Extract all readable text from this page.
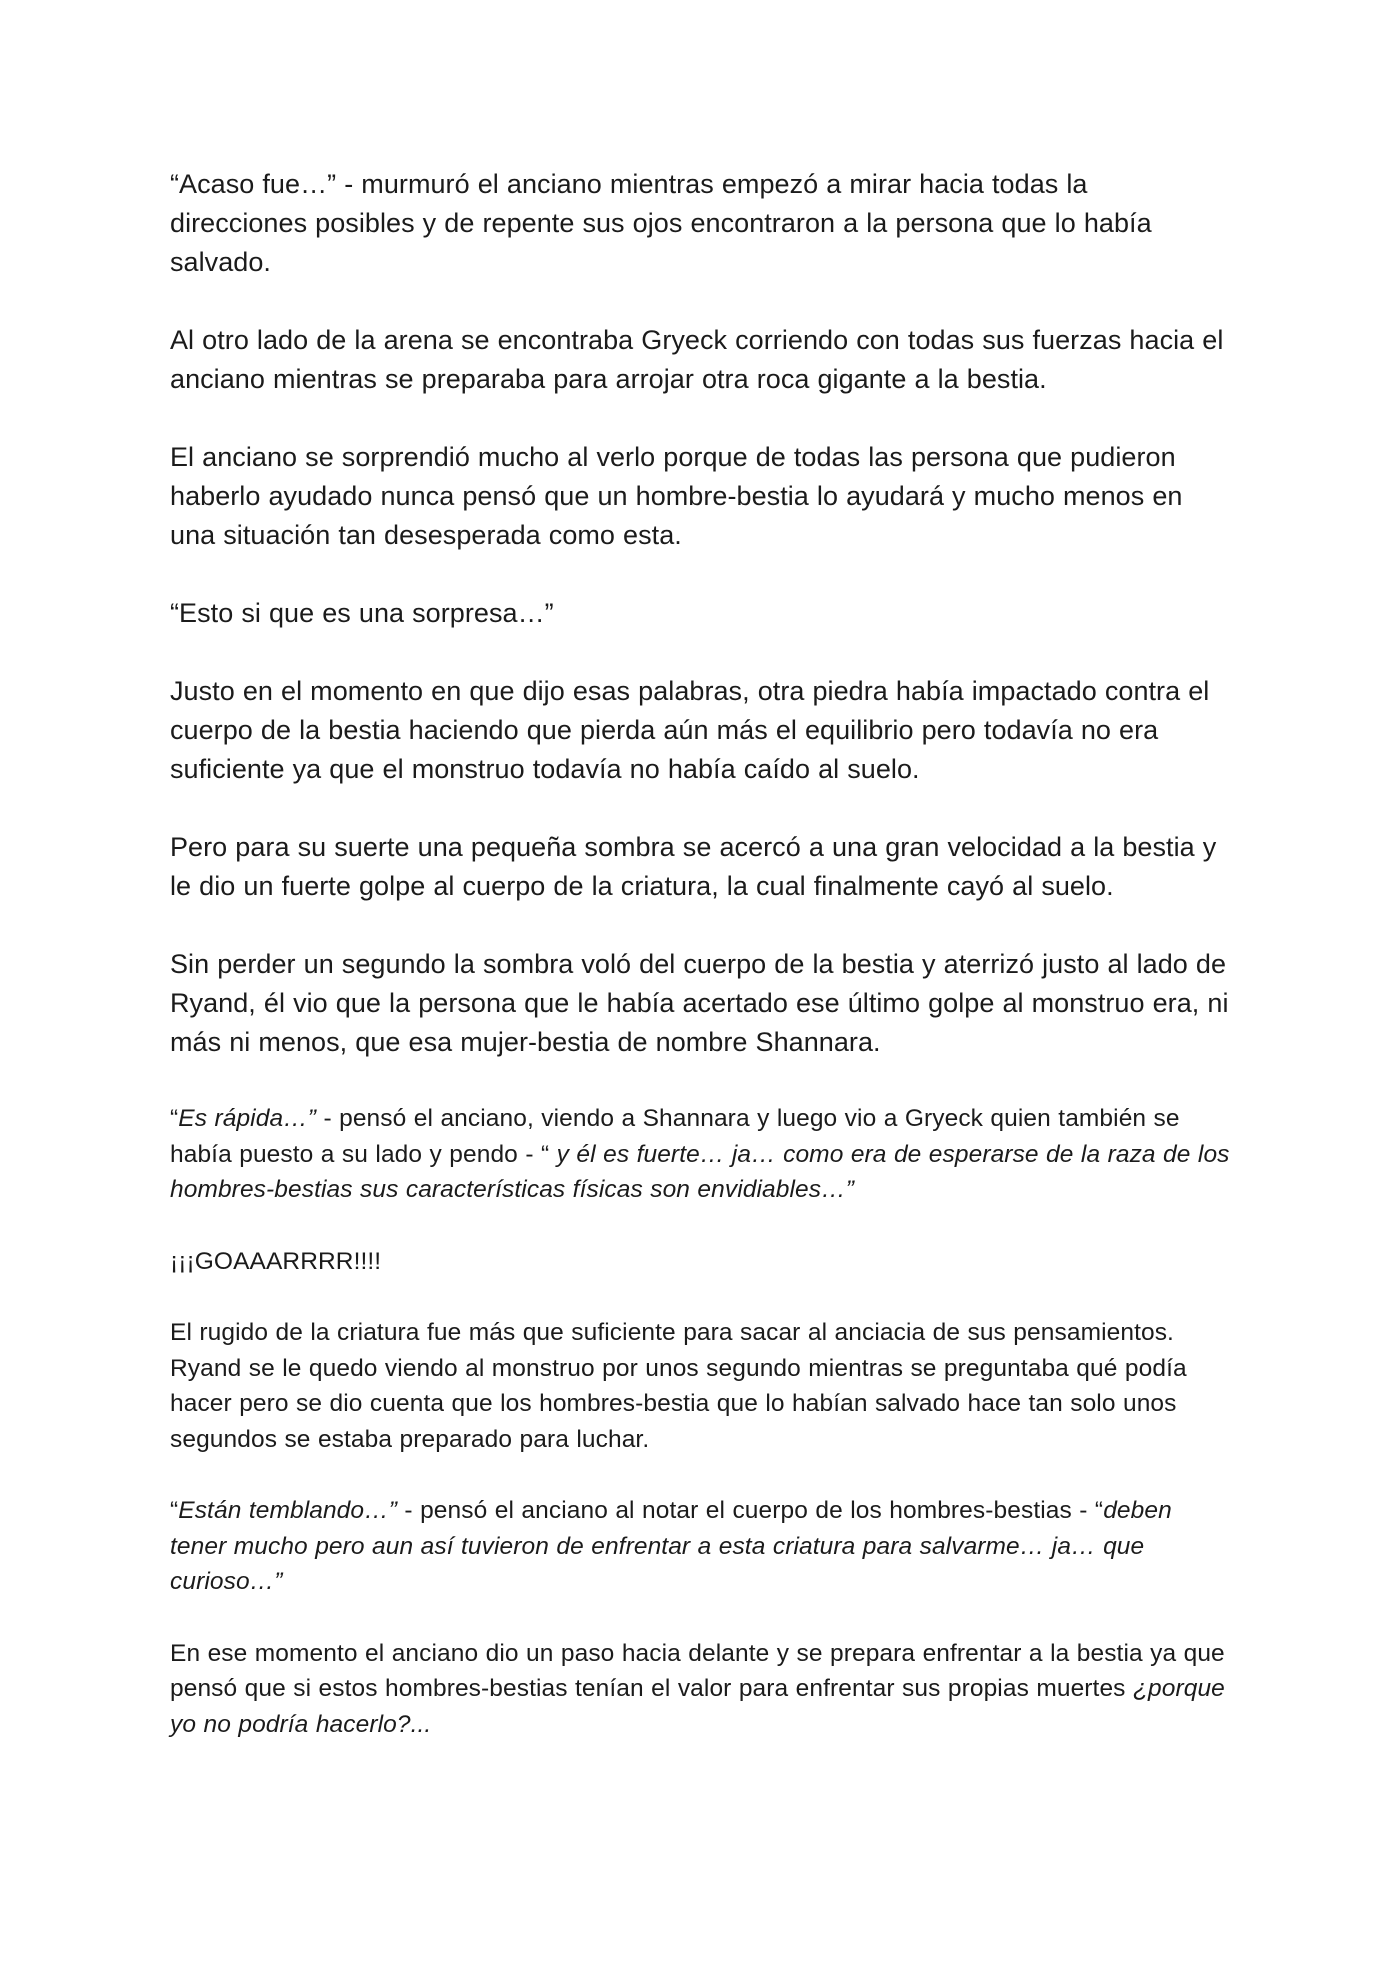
“Acaso fue…” - murmuró el anciano mientras empezó a mirar hacia todas la direcciones posibles y de repente sus ojos encontraron a la persona que lo había salvado.

Al otro lado de la arena se encontraba Gryeck corriendo con todas sus fuerzas hacia el anciano mientras se preparaba para arrojar otra roca gigante a la bestia.

El anciano se sorprendió mucho al verlo porque de todas las persona que pudieron haberlo ayudado nunca pensó que un hombre-bestia lo ayudará y mucho menos en una situación tan desesperada como esta.

“Esto si que es una sorpresa…”

Justo en el momento en que dijo esas palabras, otra piedra había impactado contra el cuerpo de la bestia haciendo que pierda aún más el equilibrio pero todavía no era suficiente ya que el monstruo todavía no había caído al suelo.

Pero para su suerte una pequeña sombra se acercó a una gran velocidad a la bestia y le dio un fuerte golpe al cuerpo de la criatura, la cual finalmente cayó al suelo.

Sin perder un segundo la sombra voló del cuerpo de la bestia y aterrizó justo al lado de Ryand, él vio que la persona que le había acertado ese último golpe al monstruo era, ni más ni menos, que esa mujer-bestia de nombre Shannara.

“Es rápida…” - pensó el anciano, viendo a Shannara y luego vio a Gryeck quien también se había puesto a su lado y pendo - “ y él es fuerte… ja… como era de esperarse de la raza de los hombres-bestias sus características físicas son envidiables…”

¡¡¡GOAAARRRR!!!!

El rugido de la criatura fue más que suficiente para sacar al anciacia de sus pensamientos. Ryand se le quedo viendo al monstruo por unos segundo mientras se preguntaba qué podía hacer pero se dio cuenta que los hombres-bestia que lo habían salvado hace tan solo unos segundos se estaba preparado para luchar.

“Están temblando…” - pensó el anciano al notar el cuerpo de los hombres-bestias - “deben tener mucho pero aun así tuvieron de enfrentar a esta criatura para salvarme… ja… que curioso…”

En ese momento el anciano dio un paso hacia delante y se prepara enfrentar a la bestia ya que pensó que si estos hombres-bestias tenían el valor para enfrentar sus propias muertes ¿porque yo no podría hacerlo?...
